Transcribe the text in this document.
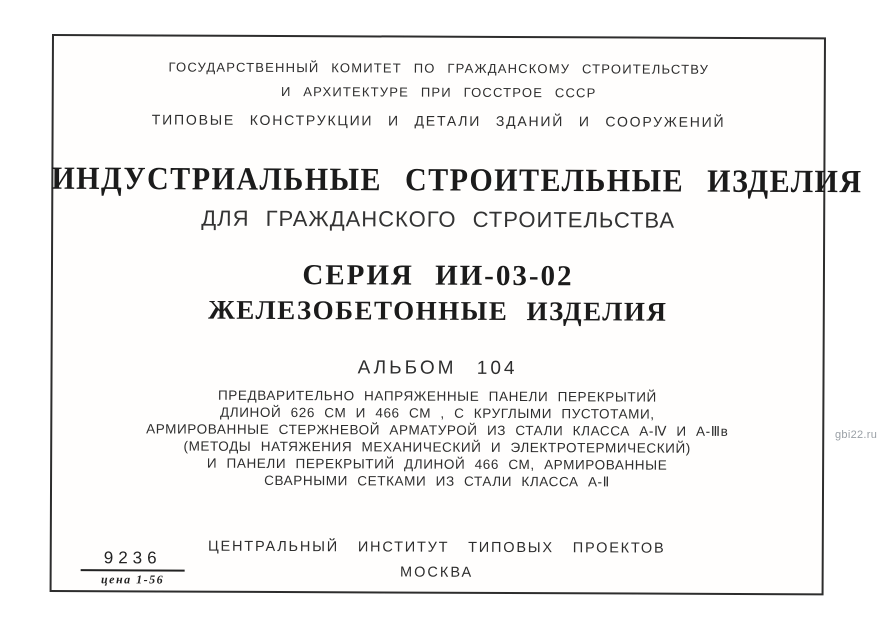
ГОСУДАРСТВЕННЫЙ КОМИТЕТ ПО ГРАЖДАНСКОМУ СТРОИТЕЛЬСТВУ
И АРХИТЕКТУРЕ ПРИ ГОССТРОЕ СССР
ТИПОВЫЕ КОНСТРУКЦИИ И ДЕТАЛИ ЗДАНИЙ И СООРУЖЕНИЙ
ИНДУСТРИАЛЬНЫЕ СТРОИТЕЛЬНЫЕ ИЗДЕЛИЯ
ДЛЯ ГРАЖДАНСКОГО СТРОИТЕЛЬСТВА
СЕРИЯ ИИ-03-02
ЖЕЛЕЗОБЕТОННЫЕ ИЗДЕЛИЯ
АЛЬБОМ 104
ПРЕДВАРИТЕЛЬНО НАПРЯЖЕННЫЕ ПАНЕЛИ ПЕРЕКРЫТИЙ
ДЛИНОЙ 626 СМ И 466 СМ , С КРУГЛЫМИ ПУСТОТАМИ,
АРМИРОВАННЫЕ СТЕРЖНЕВОЙ АРМАТУРОЙ ИЗ СТАЛИ КЛАССА А-Ⅳ И А-Ⅲв
(МЕТОДЫ НАТЯЖЕНИЯ МЕХАНИЧЕСКИЙ И ЭЛЕКТРОТЕРМИЧЕСКИЙ)
И ПАНЕЛИ ПЕРЕКРЫТИЙ ДЛИНОЙ 466 СМ, АРМИРОВАННЫЕ
СВАРНЫМИ СЕТКАМИ ИЗ СТАЛИ КЛАССА А-Ⅱ
ЦЕНТРАЛЬНЫЙ ИНСТИТУТ ТИПОВЫХ ПРОЕКТОВ
МОСКВА
9236
цена 1-56
gbi22.ru
